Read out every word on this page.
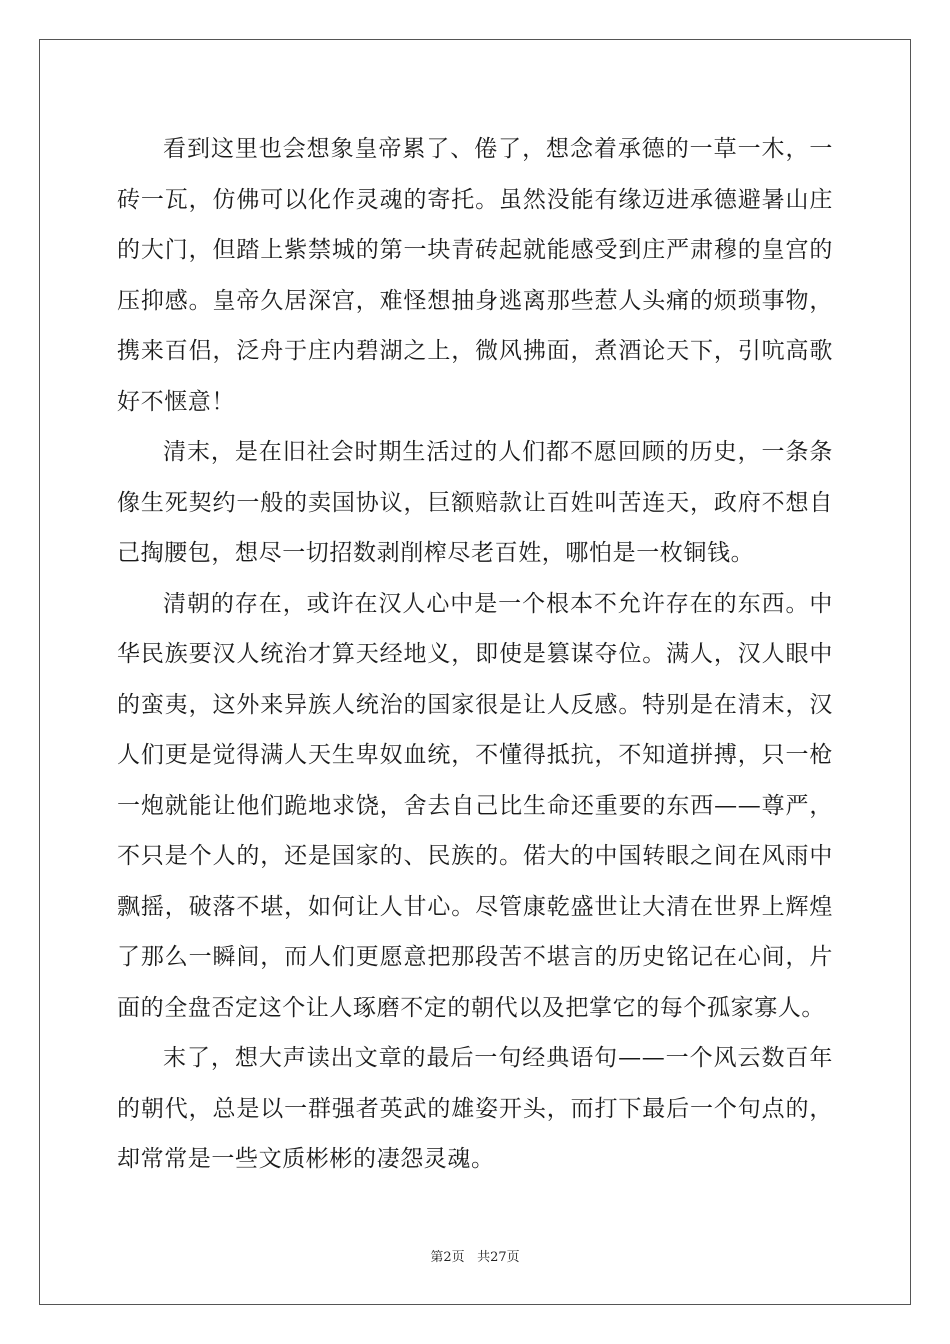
看到这里也会想象皇帝累了、倦了，想念着承德的一草一木，一砖一瓦，仿佛可以化作灵魂的寄托。虽然没能有缘迈进承德避暑山庄的大门，但踏上紫禁城的第一块青砖起就能感受到庄严肃穆的皇宫的压抑感。皇帝久居深宫，难怪想抽身逃离那些惹人头痛的烦琐事物，携来百侣，泛舟于庄内碧湖之上，微风拂面，煮酒论天下，引吭高歌好不惬意！

清末，是在旧社会时期生活过的人们都不愿回顾的历史，一条条像生死契约一般的卖国协议，巨额赔款让百姓叫苦连天，政府不想自己掏腰包，想尽一切招数剥削榨尽老百姓，哪怕是一枚铜钱。

清朝的存在，或许在汉人心中是一个根本不允许存在的东西。中华民族要汉人统治才算天经地义，即使是篡谋夺位。满人，汉人眼中的蛮夷，这外来异族人统治的国家很是让人反感。特别是在清末，汉人们更是觉得满人天生卑奴血统，不懂得抵抗，不知道拼搏，只一枪一炮就能让他们跪地求饶，舍去自己比生命还重要的东西——尊严，不只是个人的，还是国家的、民族的。偌大的中国转眼之间在风雨中飘摇，破落不堪，如何让人甘心。尽管康乾盛世让大清在世界上辉煌了那么一瞬间，而人们更愿意把那段苦不堪言的历史铭记在心间，片面的全盘否定这个让人琢磨不定的朝代以及把掌它的每个孤家寡人。

末了，想大声读出文章的最后一句经典语句——一个风云数百年的朝代，总是以一群强者英武的雄姿开头，而打下最后一个句点的，却常常是一些文质彬彬的凄怨灵魂。

第2页 共27页
